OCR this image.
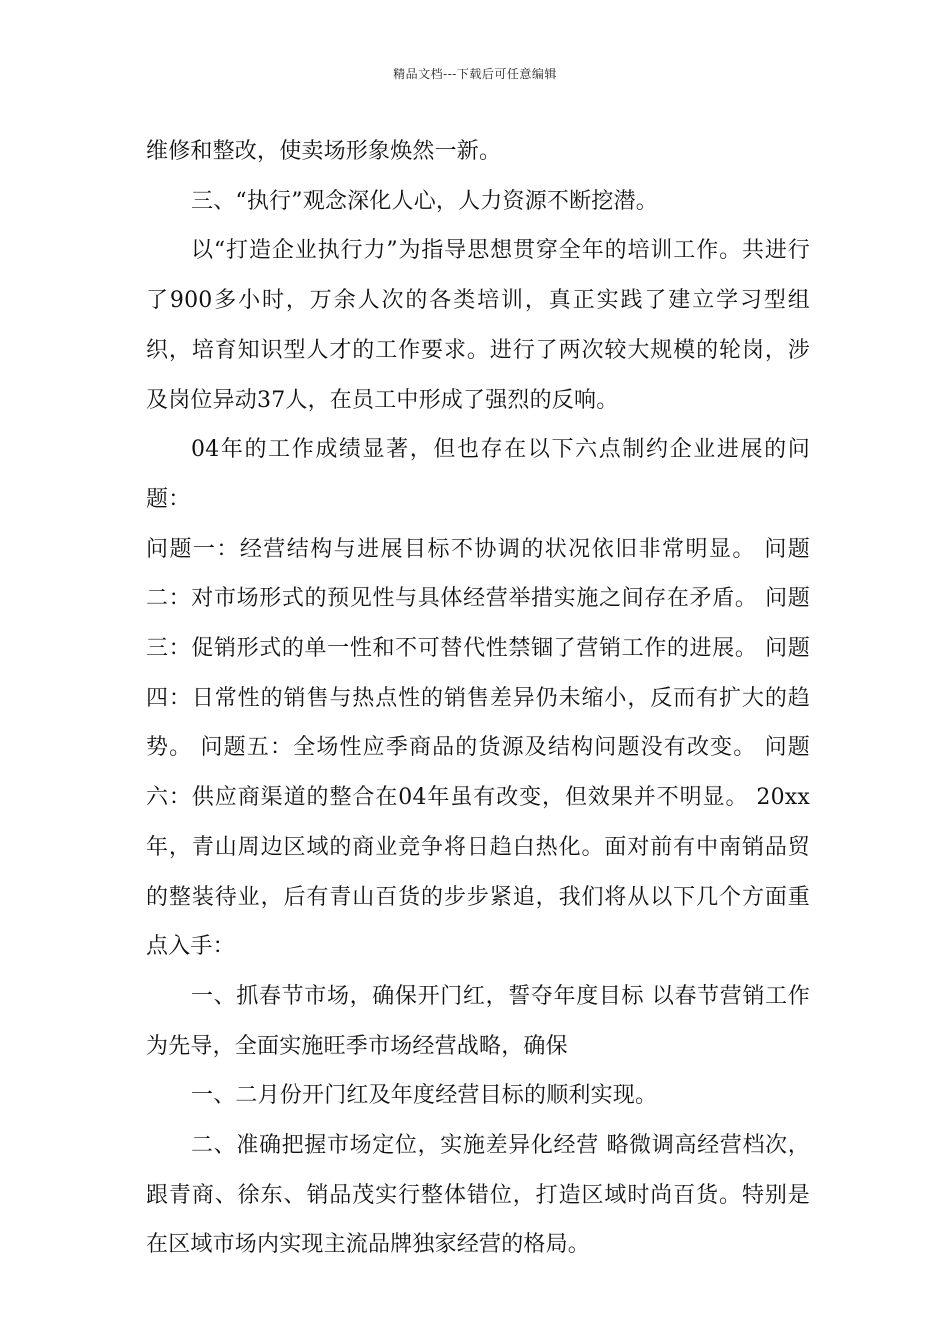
精品文档---下载后可任意编辑

维修和整改，使卖场形象焕然一新。

三、“执行”观念深化人心，人力资源不断挖潜。

以“打造企业执行力”为指导思想贯穿全年的培训工作。共进行了900多小时，万余人次的各类培训，真正实践了建立学习型组织，培育知识型人才的工作要求。进行了两次较大规模的轮岗，涉及岗位异动37人，在员工中形成了强烈的反响。

04年的工作成绩显著，但也存在以下六点制约企业进展的问题：

问题一：经营结构与进展目标不协调的状况依旧非常明显。 问题二：对市场形式的预见性与具体经营举措实施之间存在矛盾。 问题三：促销形式的单一性和不可替代性禁锢了营销工作的进展。 问题四：日常性的销售与热点性的销售差异仍未缩小，反而有扩大的趋势。 问题五：全场性应季商品的货源及结构问题没有改变。 问题六：供应商渠道的整合在04年虽有改变，但效果并不明显。 20xx年，青山周边区域的商业竞争将日趋白热化。面对前有中南销品贸的整装待业，后有青山百货的步步紧追，我们将从以下几个方面重点入手：

一、抓春节市场，确保开门红，誓夺年度目标 以春节营销工作为先导，全面实施旺季市场经营战略，确保

一、二月份开门红及年度经营目标的顺利实现。

二、准确把握市场定位，实施差异化经营 略微调高经营档次，跟青商、徐东、销品茂实行整体错位，打造区域时尚百货。特别是在区域市场内实现主流品牌独家经营的格局。
